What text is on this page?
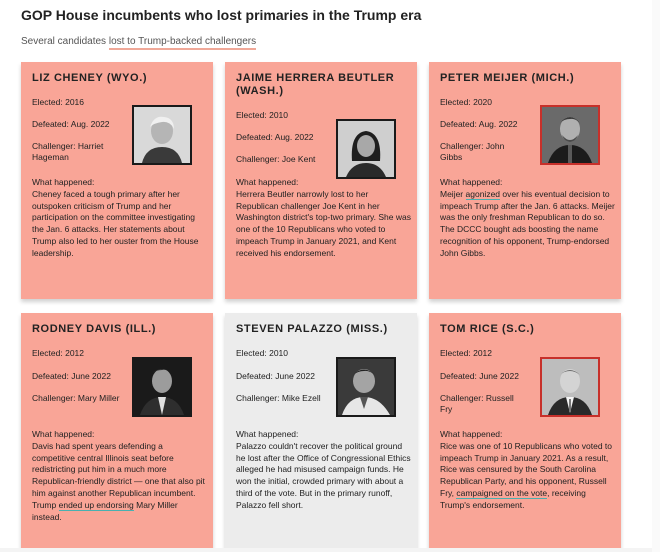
GOP House incumbents who lost primaries in the Trump era
Several candidates lost to Trump-backed challengers
LIZ CHENEY (WYO.)
Elected: 2016
Defeated: Aug. 2022
Challenger: Harriet Hageman
What happened:
Cheney faced a tough primary after her outspoken criticism of Trump and her participation on the committee investigating the Jan. 6 attacks. Her statements about Trump also led to her ouster from the House leadership.
JAIME HERRERA BEUTLER (WASH.)
Elected: 2010
Defeated: Aug. 2022
Challenger: Joe Kent
What happened:
Herrera Beutler narrowly lost to her Republican challenger Joe Kent in her Washington district's top-two primary. She was one of the 10 Republicans who voted to impeach Trump in January 2021, and Kent received his endorsement.
PETER MEIJER (MICH.)
Elected: 2020
Defeated: Aug. 2022
Challenger: John Gibbs
What happened:
Meijer agonized over his eventual decision to impeach Trump after the Jan. 6 attacks. Meijer was the only freshman Republican to do so. The DCCC bought ads boosting the name recognition of his opponent, Trump-endorsed John Gibbs.
RODNEY DAVIS (ILL.)
Elected: 2012
Defeated: June 2022
Challenger: Mary Miller
What happened:
Davis had spent years defending a competitive central Illinois seat before redistricting put him in a much more Republican-friendly district — one that also pit him against another Republican incumbent. Trump ended up endorsing Mary Miller instead.
STEVEN PALAZZO (MISS.)
Elected: 2010
Defeated: June 2022
Challenger: Mike Ezell
What happened:
Palazzo couldn't recover the political ground he lost after the Office of Congressional Ethics alleged he had misused campaign funds. He won the initial, crowded primary with about a third of the vote. But in the primary runoff, Palazzo fell short.
TOM RICE (S.C.)
Elected: 2012
Defeated: June 2022
Challenger: Russell Fry
What happened:
Rice was one of 10 Republicans who voted to impeach Trump in January 2021. As a result, Rice was censured by the South Carolina Republican Party, and his opponent, Russell Fry, campaigned on the vote, receiving Trump's endorsement.
